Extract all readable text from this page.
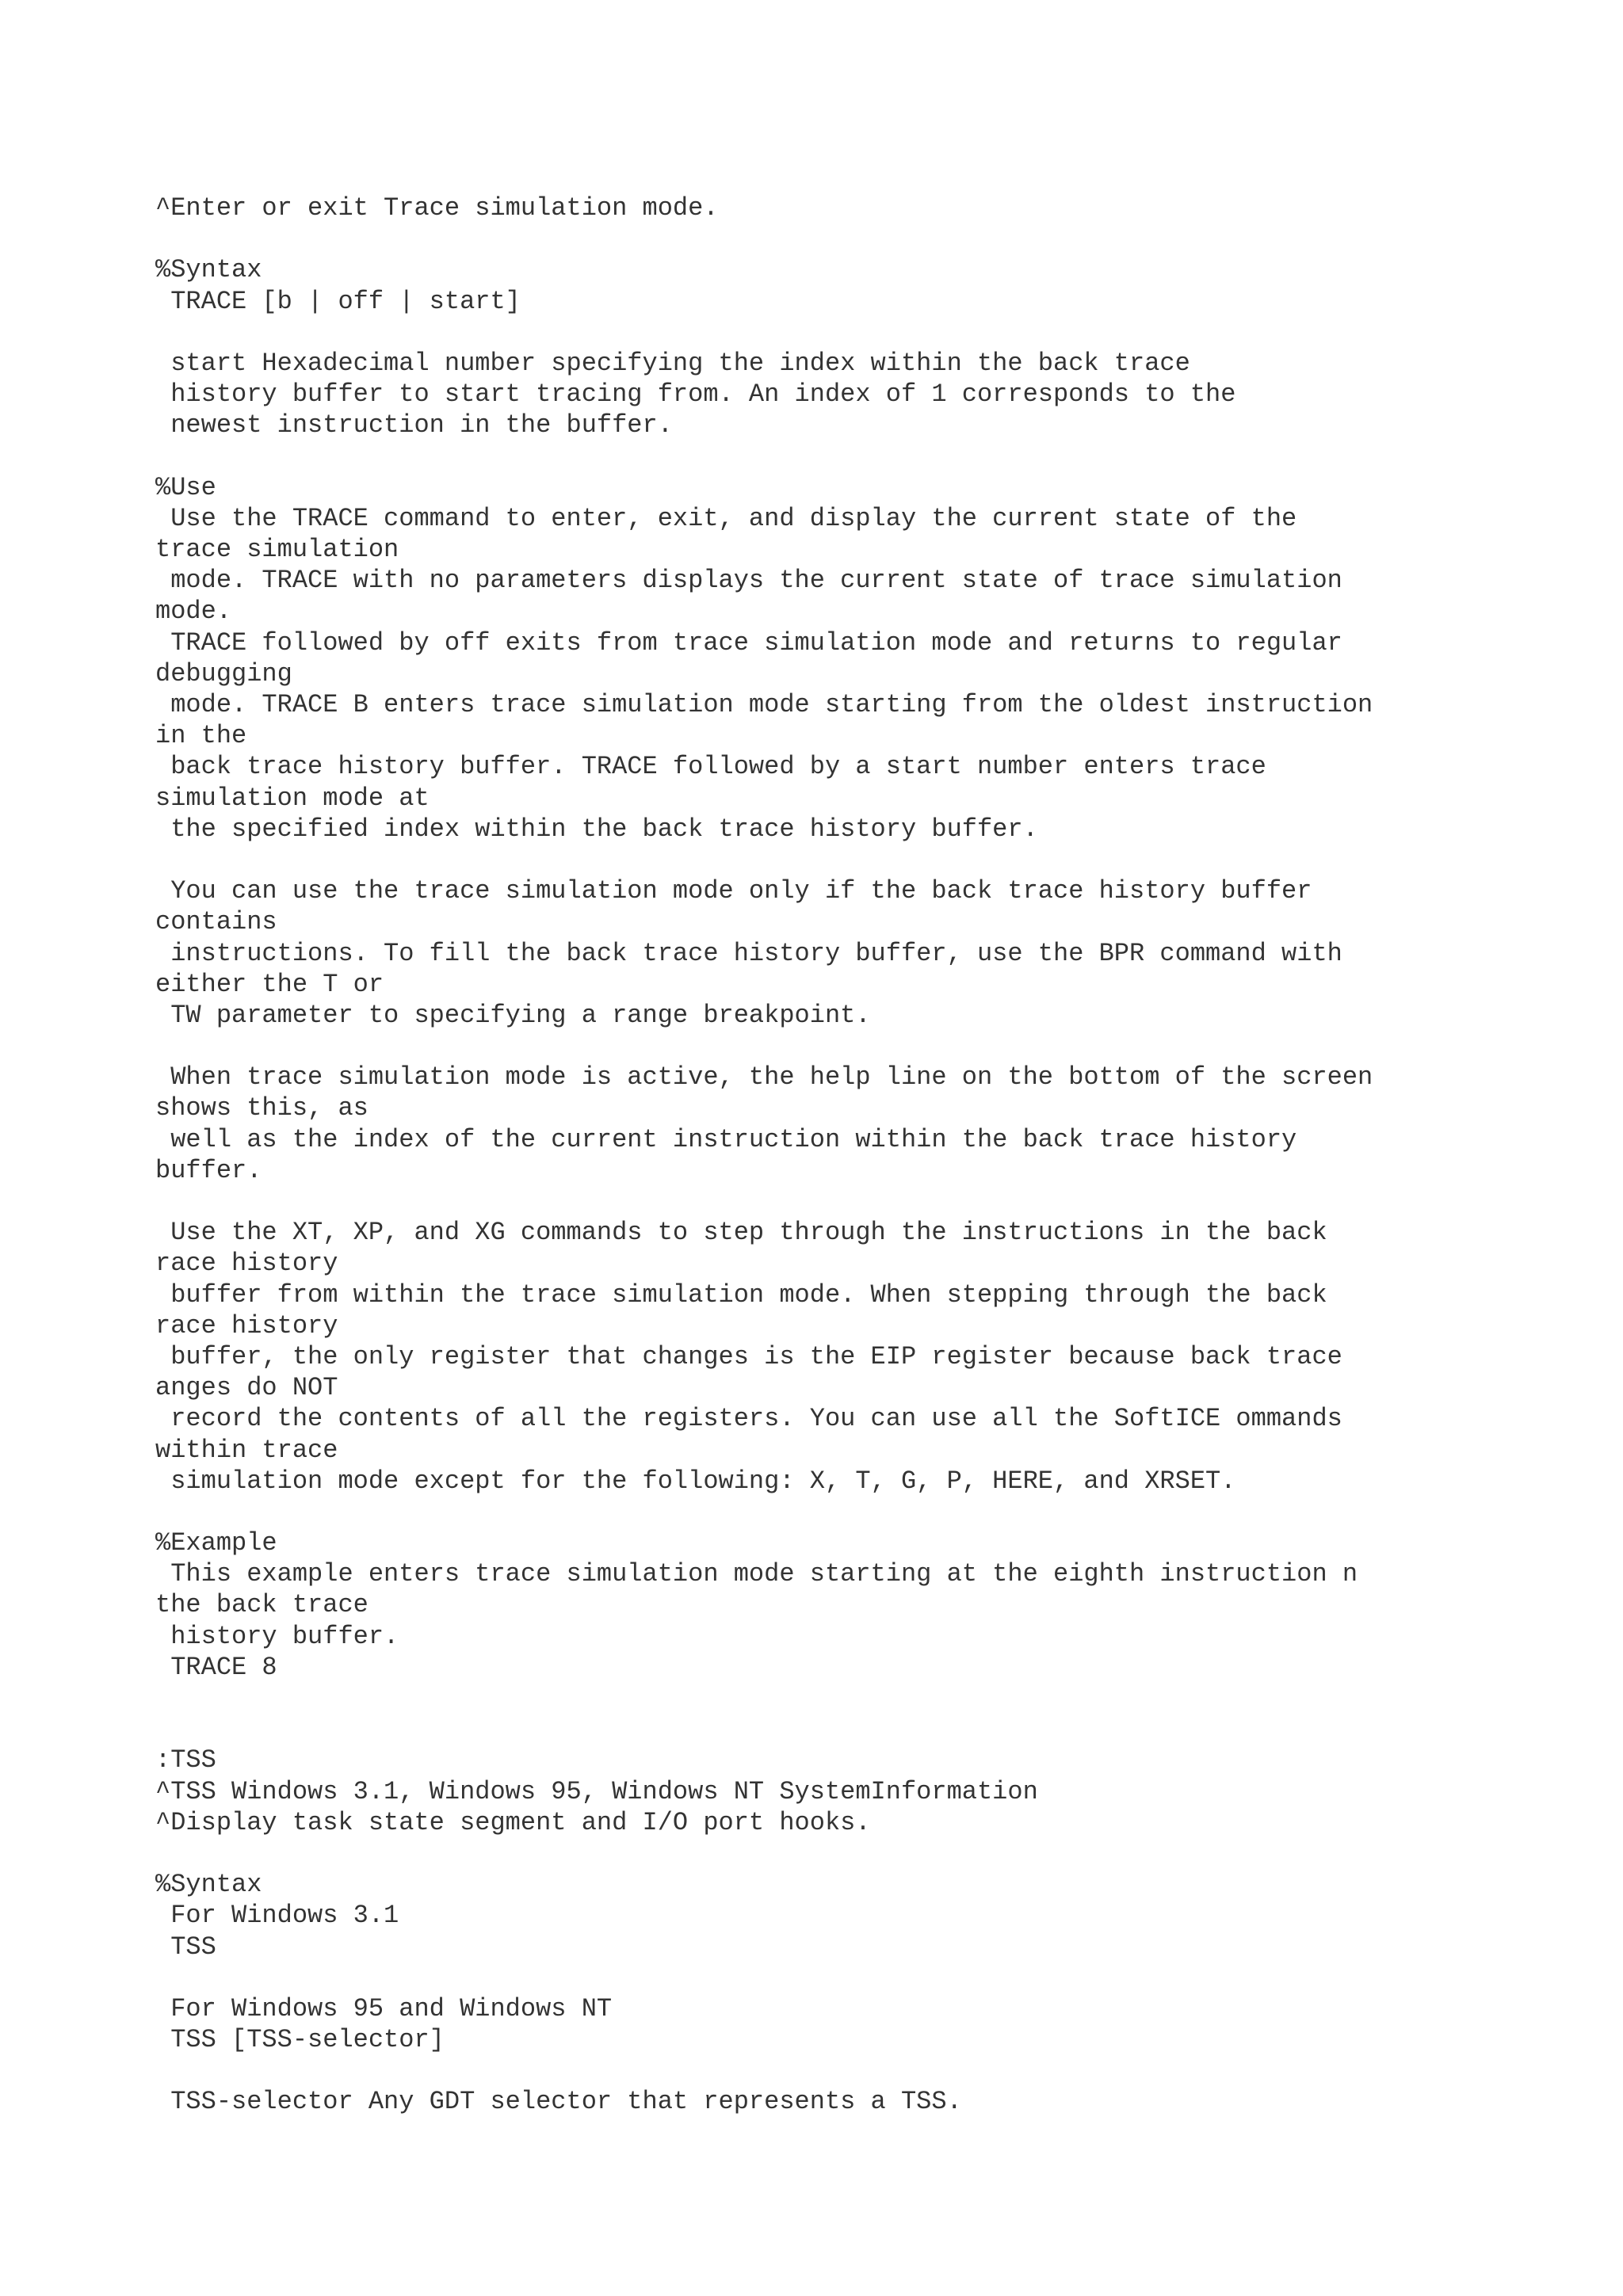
^Enter or exit Trace simulation mode.
%Syntax
TRACE [b | off | start]
start Hexadecimal number specifying the index within the back trace
history buffer to start tracing from. An index of 1 corresponds to the
newest instruction in the buffer.
%Use
Use the TRACE command to enter, exit, and display the current state of the
trace simulation
mode. TRACE with no parameters displays the current state of trace simulation
mode.
TRACE followed by off exits from trace simulation mode and returns to regular
debugging
mode. TRACE B enters trace simulation mode starting from the oldest instruction
in the
back trace history buffer. TRACE followed by a start number enters trace
simulation mode at
the specified index within the back trace history buffer.
You can use the trace simulation mode only if the back trace history buffer
contains
instructions. To fill the back trace history buffer, use the BPR command with
either the T or
TW parameter to specifying a range breakpoint.
When trace simulation mode is active, the help line on the bottom of the screen
shows this, as
well as the index of the current instruction within the back trace history
buffer.
Use the XT, XP, and XG commands to step through the instructions in the back
race history
buffer from within the trace simulation mode. When stepping through the back
race history
buffer, the only register that changes is the EIP register because back trace
anges do NOT
record the contents of all the registers. You can use all the SoftICE ommands
within trace
simulation mode except for the following: X, T, G, P, HERE, and XRSET.
%Example
This example enters trace simulation mode starting at the eighth instruction n
the back trace
history buffer.
TRACE 8
:TSS
^TSS Windows 3.1, Windows 95, Windows NT SystemInformation
^Display task state segment and I/O port hooks.
%Syntax
For Windows 3.1
TSS
For Windows 95 and Windows NT
TSS [TSS-selector]
TSS-selector Any GDT selector that represents a TSS.
